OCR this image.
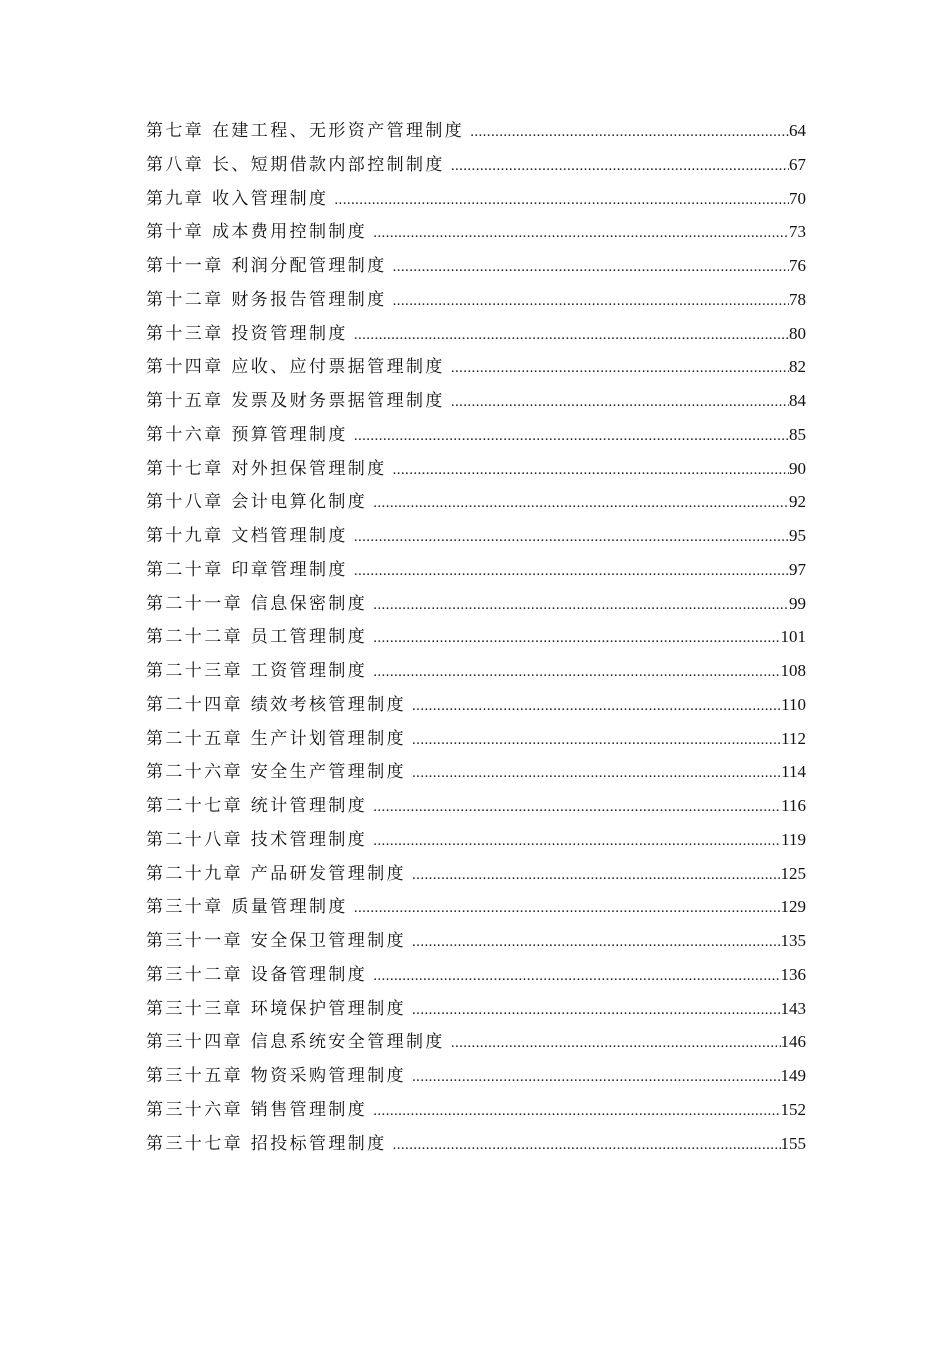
第七章 在建工程、无形资产管理制度 .....	64
第八章 长、短期借款内部控制制度 .....	67
第九章 收入管理制度 .....	70
第十章 成本费用控制制度 .....	73
第十一章 利润分配管理制度 .....	76
第十二章 财务报告管理制度 .....	78
第十三章 投资管理制度 .....	80
第十四章 应收、应付票据管理制度 .....	82
第十五章 发票及财务票据管理制度 .....	84
第十六章 预算管理制度 .....	85
第十七章 对外担保管理制度 .....	90
第十八章 会计电算化制度 .....	92
第十九章 文档管理制度 .....	95
第二十章 印章管理制度 .....	97
第二十一章 信息保密制度 .....	99
第二十二章 员工管理制度 .....	101
第二十三章 工资管理制度 .....	108
第二十四章 绩效考核管理制度 .....	110
第二十五章 生产计划管理制度 .....	112
第二十六章 安全生产管理制度 .....	114
第二十七章 统计管理制度 .....	116
第二十八章 技术管理制度 .....	119
第二十九章 产品研发管理制度 .....	125
第三十章 质量管理制度 .....	129
第三十一章 安全保卫管理制度 .....	135
第三十二章 设备管理制度 .....	136
第三十三章 环境保护管理制度 .....	143
第三十四章 信息系统安全管理制度 .....	146
第三十五章 物资采购管理制度 .....	149
第三十六章 销售管理制度 .....	152
第三十七章 招投标管理制度 .....	155
